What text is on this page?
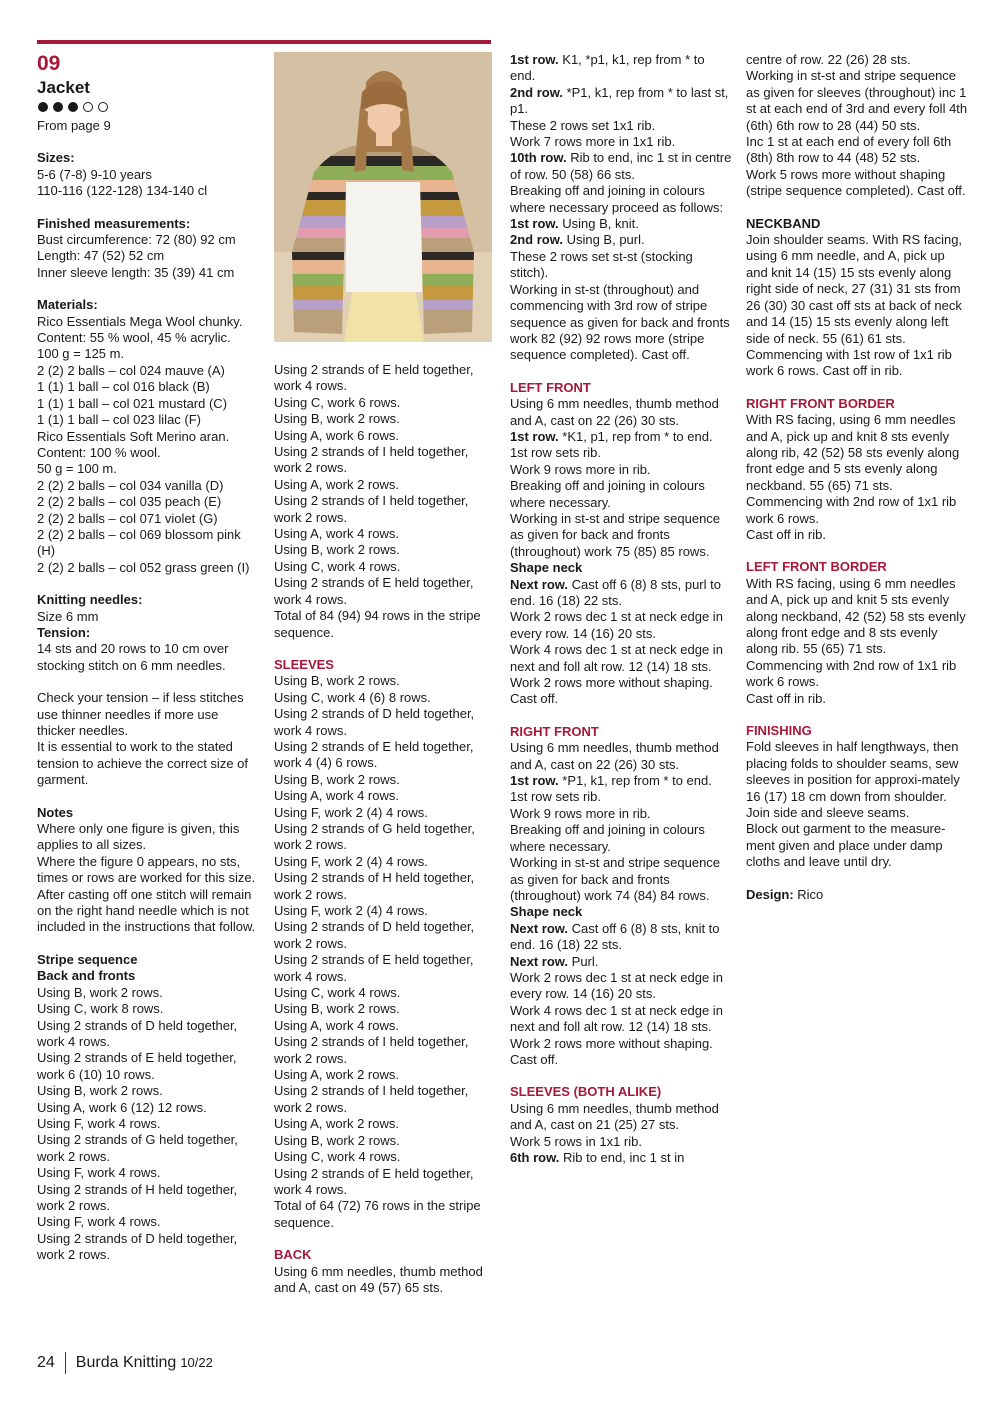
09

Jacket

From page 9

Sizes:

5-6 (7-8) 9-10 years

110-116 (122-128) 134-140 cl

Finished measurements:

Bust circumference: 72 (80) 92 cm

Length: 47 (52) 52 cm

Inner sleeve length: 35 (39) 41 cm

Materials:

Rico Essentials Mega Wool chunky.

Content: 55 % wool, 45 % acrylic.

100 g = 125 m.

2 (2) 2 balls – col 024 mauve (A)

1 (1) 1 ball – col 016 black (B)

1 (1) 1 ball – col 021 mustard (C)

1 (1) 1 ball – col 023 lilac (F)

Rico Essentials Soft Merino aran.

Content: 100 % wool.

50 g = 100 m.

2 (2) 2 balls – col 034 vanilla (D)

2 (2) 2 balls – col 035 peach (E)

2 (2) 2 balls – col 071 violet (G)

2 (2) 2 balls – col 069 blossom pink (H)

2 (2) 2 balls – col 052 grass green (I)

Knitting needles:

Size 6 mm

Tension:

14 sts and 20 rows to 10 cm over stocking stitch on 6 mm needles.

Check your tension – if less stitches use thinner needles if more use thicker needles.

It is essential to work to the stated tension to achieve the correct size of garment.

Notes

Where only one figure is given, this applies to all sizes.

Where the figure 0 appears, no sts, times or rows are worked for this size.

After casting off one stitch will remain on the right hand needle which is not included in the instructions that follow.

Stripe sequence

Back and fronts

Using B, work 2 rows.

Using C, work 8 rows.

Using 2 strands of D held together, work 4 rows.

Using 2 strands of E held together, work 6 (10) 10 rows.

Using B, work 2 rows.

Using A, work 6 (12) 12 rows.

Using F, work 4 rows.

Using 2 strands of G held together, work 2 rows.

Using F, work 4 rows.

Using 2 strands of H held together, work 2 rows.

Using F, work 4 rows.

Using 2 strands of D held together, work 2 rows.

Using 2 strands of E held together, work 4 rows.

Using C, work 6 rows.

Using B, work 2 rows.

Using A, work 6 rows.

Using 2 strands of I held together, work 2 rows.

Using A, work 2 rows.

Using 2 strands of I held together, work 2 rows.

Using A, work 4 rows.

Using B, work 2 rows.

Using C, work 4 rows.

Using 2 strands of E held together, work 4 rows.

Total of 84 (94) 94 rows in the stripe sequence.

SLEEVES

Using B, work 2 rows.

Using C, work 4 (6) 8 rows.

Using 2 strands of D held together, work 4 rows.

Using 2 strands of E held together, work 4 (4) 6 rows.

Using B, work 2 rows.

Using A, work 4 rows.

Using F, work 2 (4) 4 rows.

Using 2 strands of G held together, work 2 rows.

Using F, work 2 (4) 4 rows.

Using 2 strands of H held together, work 2 rows.

Using F, work 2 (4) 4 rows.

Using 2 strands of D held together, work 2 rows.

Using 2 strands of E held together, work 4 rows.

Using C, work 4 rows.

Using B, work 2 rows.

Using A, work 4 rows.

Using 2 strands of I held together, work 2 rows.

Using A, work 2 rows.

Using 2 strands of I held together, work 2 rows.

Using A, work 2 rows.

Using B, work 2 rows.

Using C, work 4 rows.

Using 2 strands of E held together, work 4 rows.

Total of 64 (72) 76 rows in the stripe sequence.

BACK

Using 6 mm needles, thumb method and A, cast on 49 (57) 65 sts.

1st row. K1, *p1, k1, rep from * to end.

2nd row. *P1, k1, rep from * to last st, p1.

These 2 rows set 1x1 rib.

Work 7 rows more in 1x1 rib.

10th row. Rib to end, inc 1 st in centre of row. 50 (58) 66 sts.

Breaking off and joining in colours where necessary proceed as follows:

1st row. Using B, knit.

2nd row. Using B, purl.

These 2 rows set st-st (stocking stitch).

Working in st-st (throughout) and commencing with 3rd row of stripe sequence as given for back and fronts work 82 (92) 92 rows more (stripe sequence completed). Cast off.

LEFT FRONT

Using 6 mm needles, thumb method and A, cast on 22 (26) 30 sts.

1st row. *K1, p1, rep from * to end. 1st row sets rib.

Work 9 rows more in rib.

Breaking off and joining in colours where necessary.

Working in st-st and stripe sequence as given for back and fronts (throughout) work 75 (85) 85 rows.

Shape neck

Next row. Cast off 6 (8) 8 sts, purl to end. 16 (18) 22 sts.

Work 2 rows dec 1 st at neck edge in every row. 14 (16) 20 sts.

Work 4 rows dec 1 st at neck edge in next and foll alt row. 12 (14) 18 sts.

Work 2 rows more without shaping. Cast off.

RIGHT FRONT

Using 6 mm needles, thumb method and A, cast on 22 (26) 30 sts.

1st row. *P1, k1, rep from * to end. 1st row sets rib.

Work 9 rows more in rib.

Breaking off and joining in colours where necessary.

Working in st-st and stripe sequence as given for back and fronts (throughout) work 74 (84) 84 rows.

Shape neck

Next row. Cast off 6 (8) 8 sts, knit to end. 16 (18) 22 sts.

Next row. Purl.

Work 2 rows dec 1 st at neck edge in every row. 14 (16) 20 sts.

Work 4 rows dec 1 st at neck edge in next and foll alt row. 12 (14) 18 sts.

Work 2 rows more without shaping. Cast off.

SLEEVES (BOTH ALIKE)

Using 6 mm needles, thumb method and A, cast on 21 (25) 27 sts.

Work 5 rows in 1x1 rib.

6th row. Rib to end, inc 1 st in

centre of row. 22 (26) 28 sts.

Working in st-st and stripe sequence as given for sleeves (throughout) inc 1 st at each end of 3rd and every foll 4th (6th) 6th row to 28 (44) 50 sts.

Inc 1 st at each end of every foll 6th (8th) 8th row to 44 (48) 52 sts.

Work 5 rows more without shaping (stripe sequence completed). Cast off.

NECKBAND

Join shoulder seams. With RS facing, using 6 mm needle, and A, pick up and knit 14 (15) 15 sts evenly along right side of neck, 27 (31) 31 sts from 26 (30) 30 cast off sts at back of neck and 14 (15) 15 sts evenly along left side of neck. 55 (61) 61 sts. Commencing with 1st row of 1x1 rib work 6 rows. Cast off in rib.

RIGHT FRONT BORDER

With RS facing, using 6 mm needles and A, pick up and knit 8 sts evenly along rib, 42 (52) 58 sts evenly along front edge and 5 sts evenly along neckband. 55 (65) 71 sts.

Commencing with 2nd row of 1x1 rib work 6 rows.

Cast off in rib.

LEFT FRONT BORDER

With RS facing, using 6 mm needles and A, pick up and knit 5 sts evenly along neckband, 42 (52) 58 sts evenly along front edge and 8 sts evenly along rib. 55 (65) 71 sts.

Commencing with 2nd row of 1x1 rib work 6 rows.

Cast off in rib.

FINISHING

Fold sleeves in half lengthways, then placing folds to shoulder seams, sew sleeves in position for approxi-mately 16 (17) 18 cm down from shoulder. Join side and sleeve seams.

Block out garment to the measure-ment given and place under damp cloths and leave until dry.

Design: Rico

24 Burda Knitting 10/22
